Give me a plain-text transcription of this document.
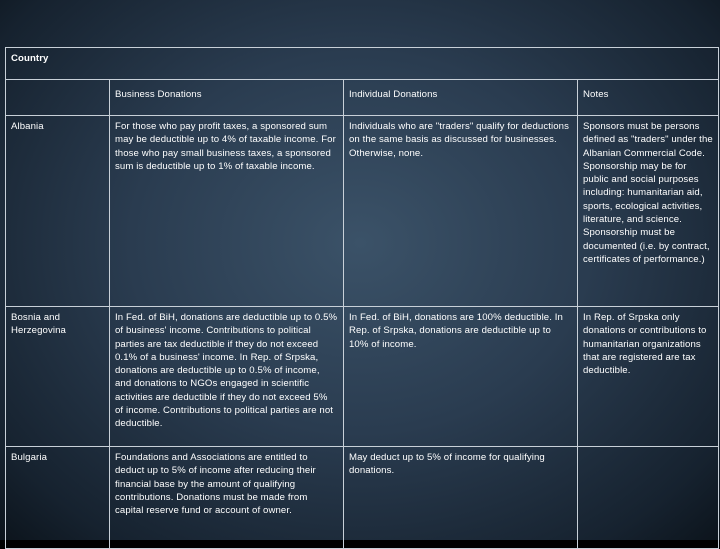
Country			
	Business Donations	Individual Donations	Notes
Albania	For those who pay profit taxes, a sponsored sum may be deductible up to 4% of taxable income. For those who pay small business taxes, a sponsored sum is deductible up to 1% of taxable income.	Individuals who are "traders" qualify for deductions on the same basis as discussed for businesses. Otherwise, none.	Sponsors must be persons defined as "traders" under the Albanian Commercial Code. Sponsorship may be for public and social purposes including: humanitarian aid, sports, ecological activities, literature, and science. Sponsorship must be documented (i.e. by contract, certificates of performance.)
Bosnia and Herzegovina	In Fed. of BiH, donations are deductible up to 0.5% of business' income. Contributions to political parties are tax deductible if they do not exceed 0.1% of a business' income. In Rep. of Srpska, donations are deductible up to 0.5% of income, and donations to NGOs engaged in scientific activities are deductible if they do not exceed 5% of income. Contributions to political parties are not deductible.	In Fed. of BiH, donations are 100% deductible. In Rep. of Srpska, donations are deductible up to 10% of income.	In Rep. of Srpska only donations or contributions to humanitarian organizations that are registered are tax deductible.
Bulgaria	Foundations and Associations are entitled to deduct up to 5% of income after reducing their financial base by the amount of qualifying contributions. Donations must be made from capital reserve fund or account of owner.	May deduct up to 5% of income for qualifying donations.	
